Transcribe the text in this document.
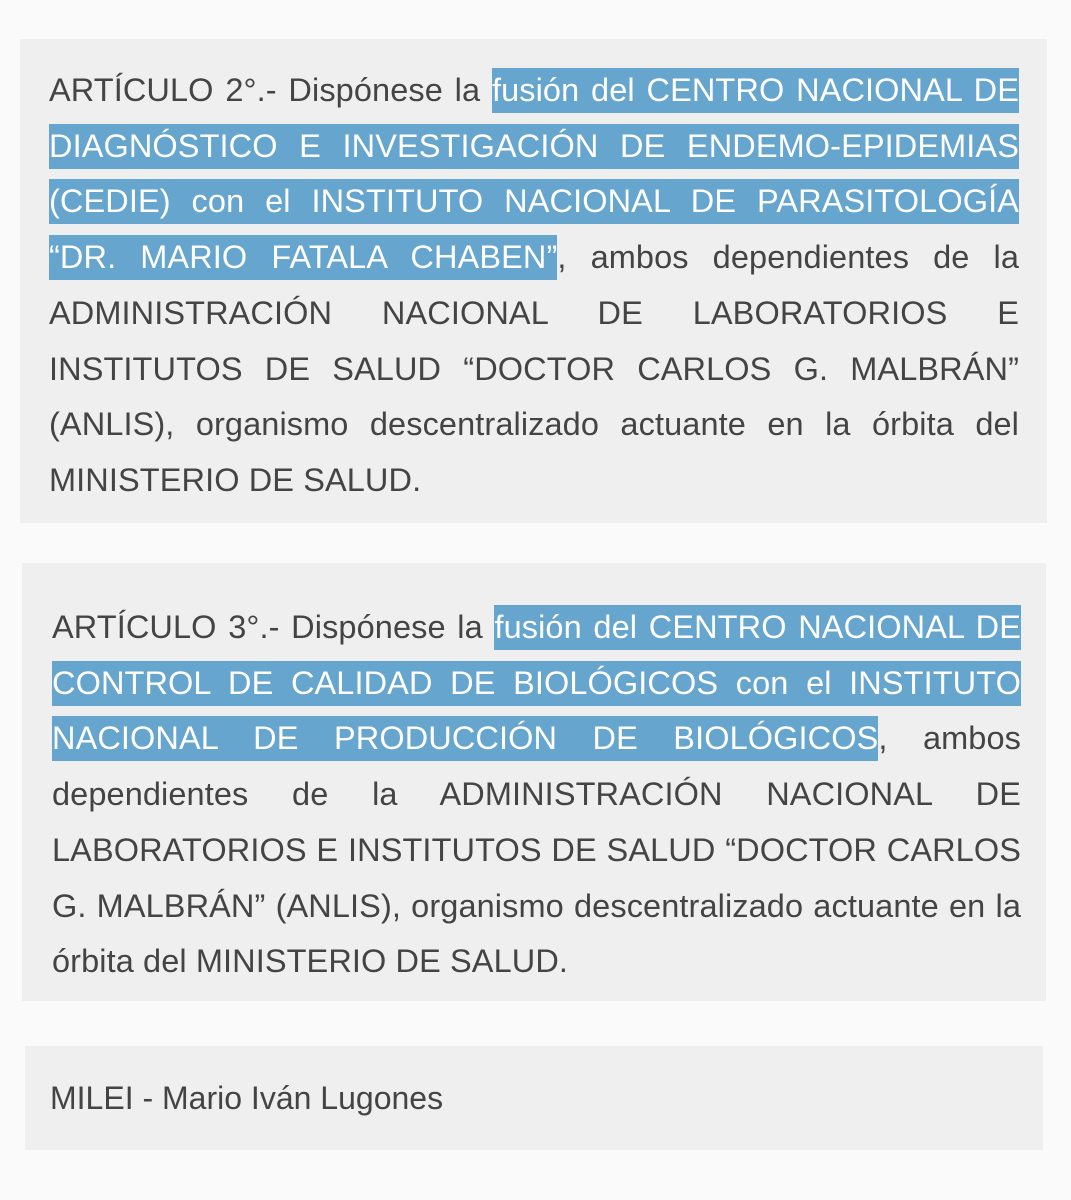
ARTÍCULO 2°.- Dispónese la fusión del CENTRO NACIONAL DE DIAGNÓSTICO E INVESTIGACIÓN DE ENDEMO-EPIDEMIAS (CEDIE) con el INSTITUTO NACIONAL DE PARASITOLOGÍA “DR. MARIO FATALA CHABEN”, ambos dependientes de la ADMINISTRACIÓN NACIONAL DE LABORATORIOS E INSTITUTOS DE SALUD “DOCTOR CARLOS G. MALBRÁN” (ANLIS), organismo descentralizado actuante en la órbita del MINISTERIO DE SALUD.

ARTÍCULO 3°.- Dispónese la fusión del CENTRO NACIONAL DE CONTROL DE CALIDAD DE BIOLÓGICOS con el INSTITUTO NACIONAL DE PRODUCCIÓN DE BIOLÓGICOS, ambos dependientes de la ADMINISTRACIÓN NACIONAL DE LABORATORIOS E INSTITUTOS DE SALUD “DOCTOR CARLOS G. MALBRÁN” (ANLIS), organismo descentralizado actuante en la órbita del MINISTERIO DE SALUD.

MILEI - Mario Iván Lugones
